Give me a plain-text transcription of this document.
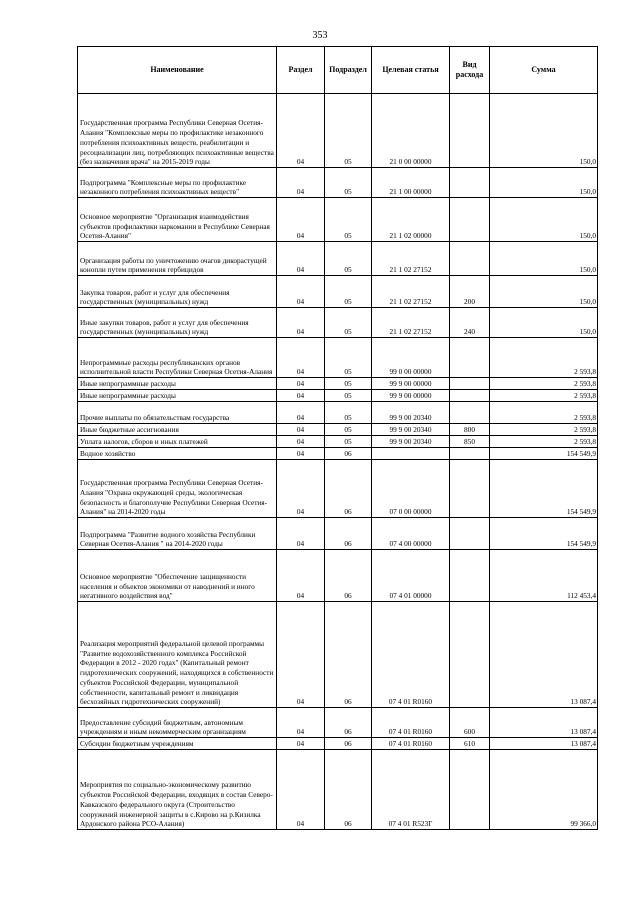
353
Наименование	Раздел	Подраздел	Целевая статья	Вид расхода	Сумма
Государственная программа Республики Северная Осетия-Алания "Комплексные меры по профилактике незаконного потребления психоактивных веществ, реабилитации и ресоциализации лиц, потребляющих психоактивные вещества (без назначения врача" на 2015-2019 годы	04	05	21 0 00 00000		150,0
Подпрограмма "Комплексные меры по профилактике незаконного потребления психоактивных веществ"	04	05	21 1 00 00000		150,0
Основное мероприятие "Организация взаимодействия субъектов профилактики наркомании в Республике Северная Осетия-Алания"	04	05	21 1 02 00000		150,0
Организация работы по уничтожению очагов дикорастущей конопли путем применения гербицидов	04	05	21 1 02 27152		150,0
Закупка товаров, работ и услуг для обеспечения государственных (муниципальных) нужд	04	05	21 1 02 27152	200	150,0
Иные закупки товаров, работ и услуг для обеспечения государственных (муниципальных) нужд	04	05	21 1 02 27152	240	150,0
Непрограммные расходы республиканских органов исполнительной власти Республики Северная Осетия-Алания	04	05	99 0 00 00000		2 593,8
Иные непрограммные расходы	04	05	99 9 00 00000		2 593,8
Иные непрограммные расходы	04	05	99 9 00 00000		2 593,8
Прочие выплаты по обязательствам государства	04	05	99 9 00 20340		2 593,8
Иные бюджетные ассигнования	04	05	99 9 00 20340	800	2 593,8
Уплата налогов, сборов и иных платежей	04	05	99 9 00 20340	850	2 593,8
Водное хозяйство	04	06			154 549,9
Государственная программа Республики Северная Осетия-Алания "Охрана окружающей среды, экологическая безопасность и благополучие Республики Северная Осетия-Алания" на 2014-2020 годы	04	06	07 0 00 00000		154 549,9
Подпрограмма "Развитие водного хозяйства Республики Северная Осетия-Алания " на 2014-2020 годы	04	06	07 4 00 00000		154 549,9
Основное мероприятие "Обеспечение защищенности населения и объектов экономики от наводнений и иного негативного воздействия вод"	04	06	07 4 01 00000		112 453,4
Реализация мероприятий федеральной целевой программы "Развитие водохозяйственного комплекса Российской Федерации в 2012 - 2020 годах" (Капитальный ремонт гидротехнических сооружений, находящихся в собственности субъектов Российской Федерации, муниципальной собственности, капитальный ремонт и ликвидация бесхозяйных гидротехнических сооружений)	04	06	07 4 01 R0160		13 087,4
Предоставление субсидий бюджетным, автономным учреждениям и иным некоммерческим организациям	04	06	07 4 01 R0160	600	13 087,4
Субсидии бюджетным учреждениям	04	06	07 4 01 R0160	610	13 087,4
Мероприятия по социально-экономическому развитию субъектов Российской Федерации, входящих в состав Северо-Кавказского федерального округа (Строительство сооружений инженерной защиты в с.Кирово на р.Кизилка Ардонского района РСО-Алания)	04	06	07 4 01 R523Г		99 366,0
